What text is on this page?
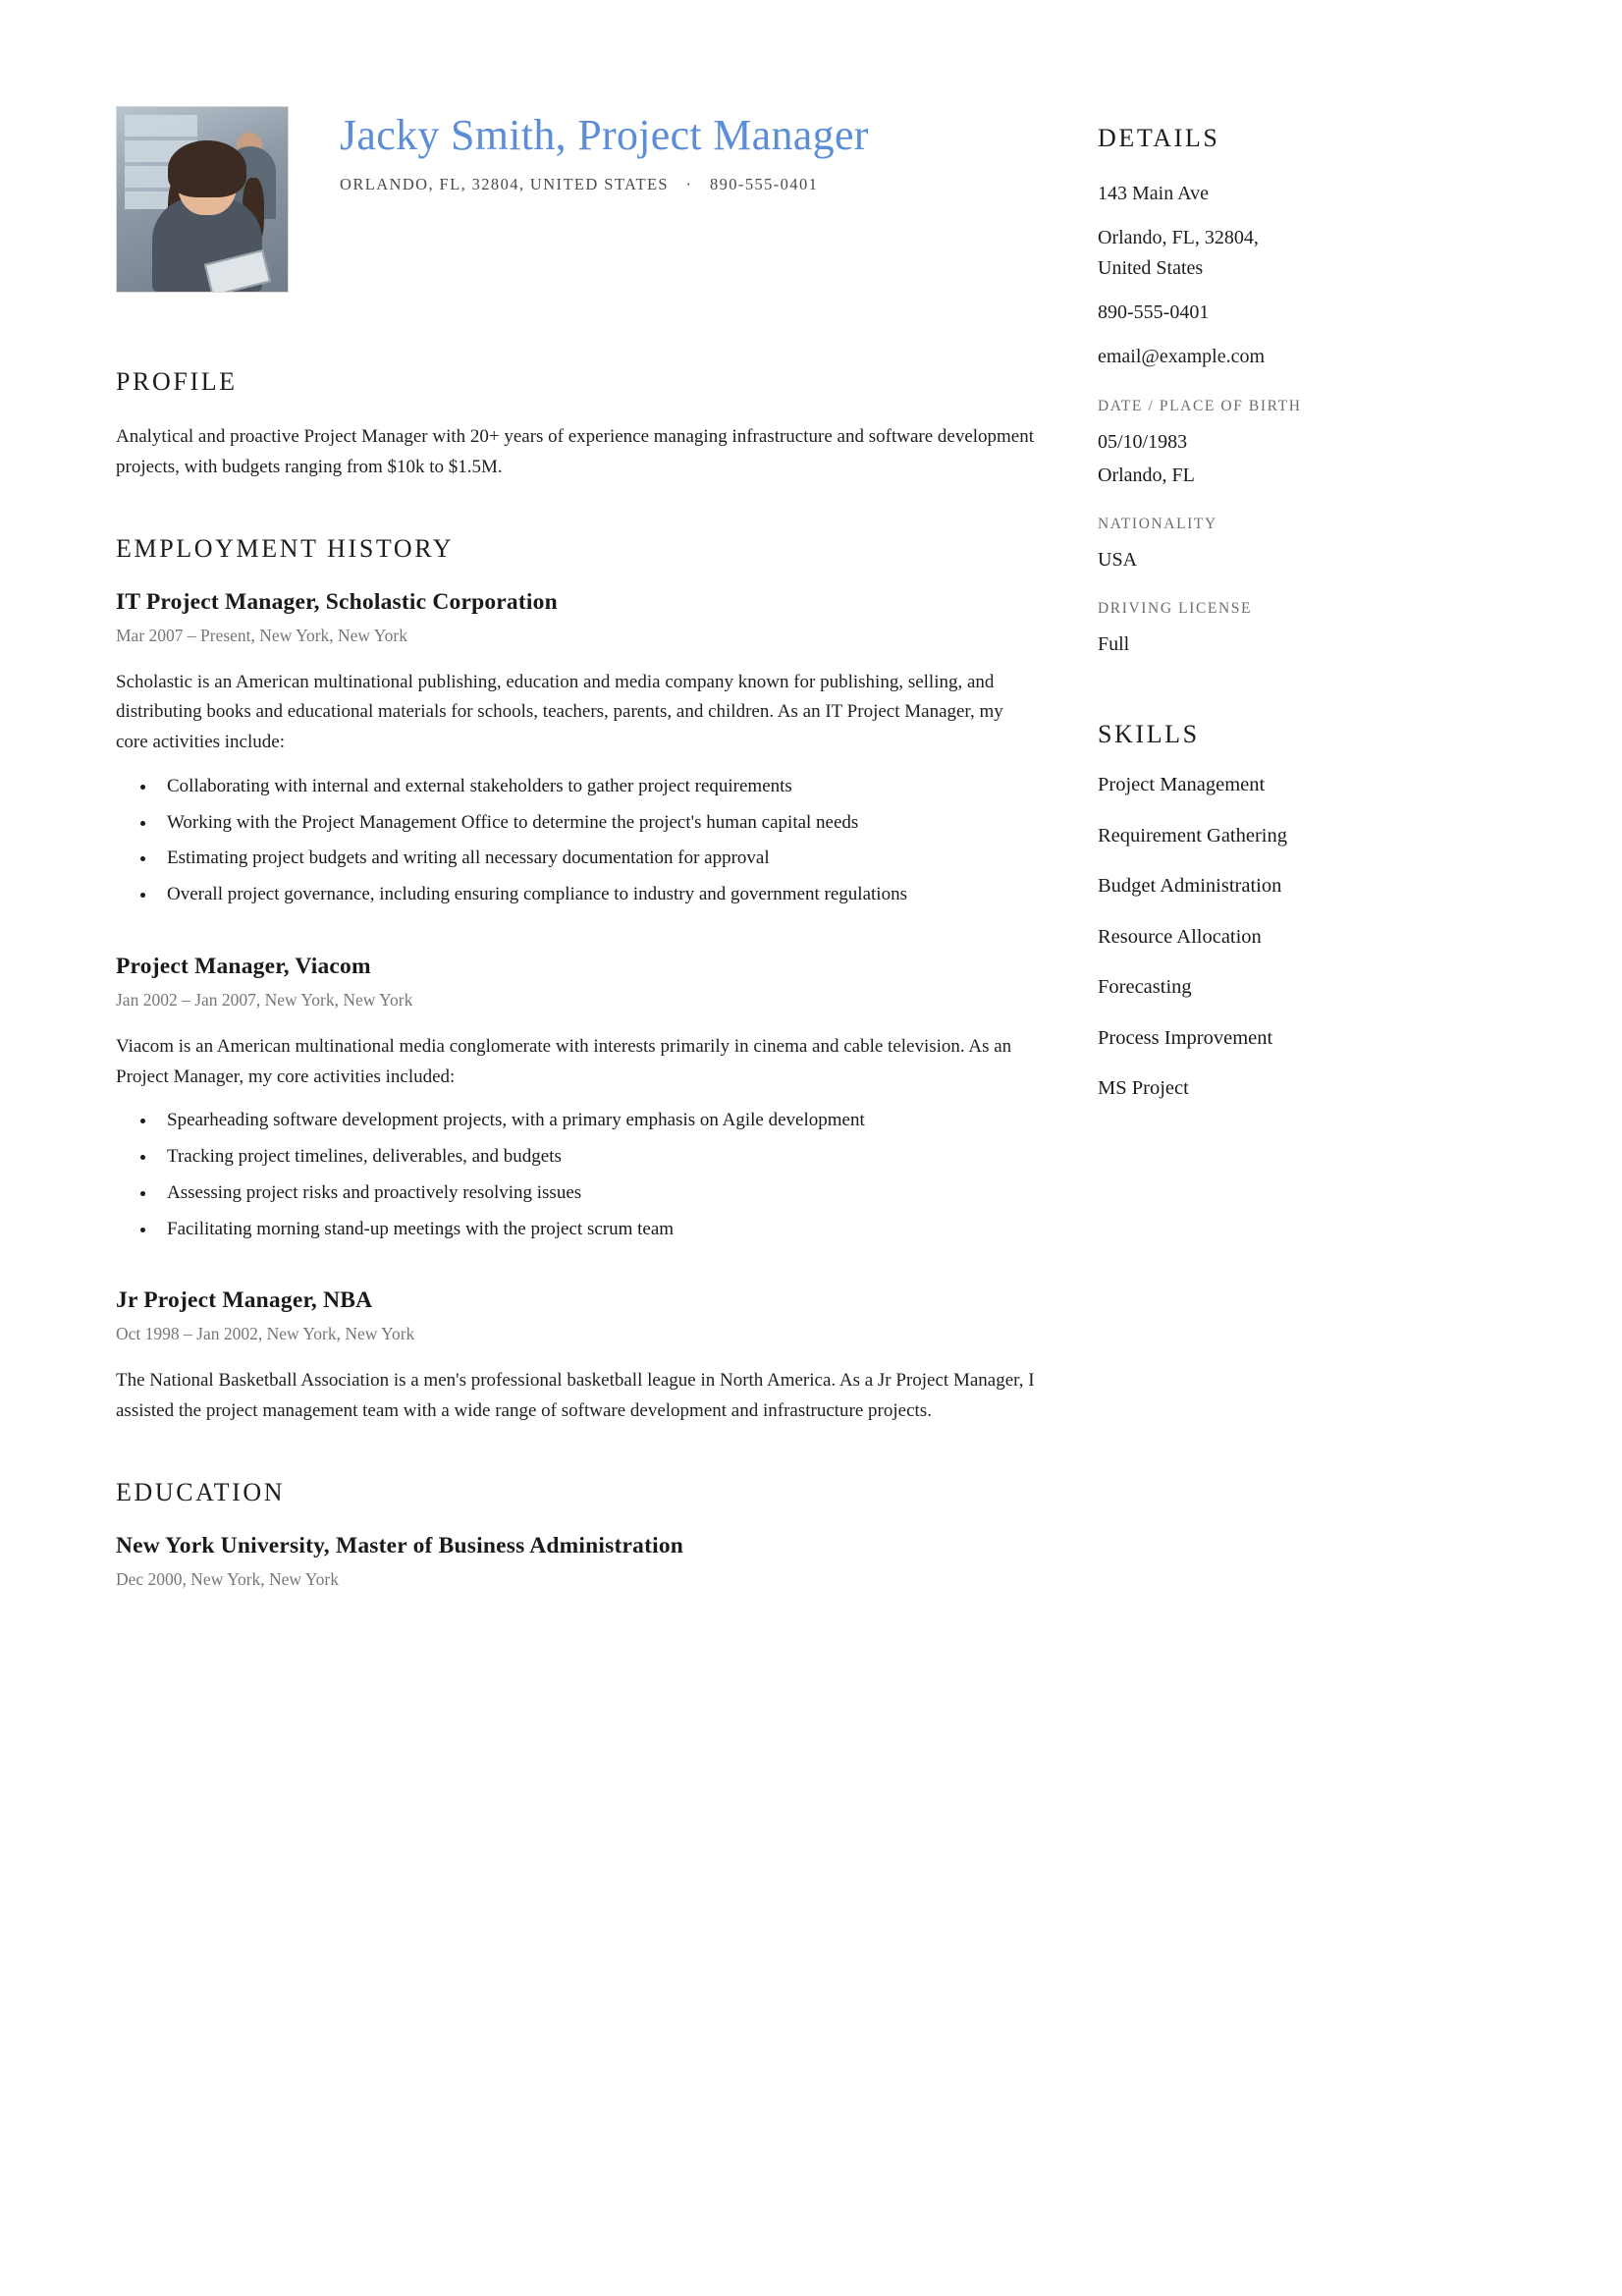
Jacky Smith, Project Manager
ORLANDO, FL, 32804, UNITED STATES · 890-555-0401
PROFILE

Analytical and proactive Project Manager with 20+ years of experience managing infrastructure and software development projects, with budgets ranging from $10k to $1.5M.

EMPLOYMENT HISTORY
IT Project Manager, Scholastic Corporation

Mar 2007 – Present, New York, New York

Scholastic is an American multinational publishing, education and media company known for publishing, selling, and distributing books and educational materials for schools, teachers, parents, and children. As an IT Project Manager, my core activities include:

• Collaborating with internal and external stakeholders to gather project requirements
• Working with the Project Management Office to determine the project's human capital needs
• Estimating project budgets and writing all necessary documentation for approval
• Overall project governance, including ensuring compliance to industry and government regulations
Project Manager, Viacom

Jan 2002 – Jan 2007, New York, New York

Viacom is an American multinational media conglomerate with interests primarily in cinema and cable television. As an Project Manager, my core activities included:

• Spearheading software development projects, with a primary emphasis on Agile development
• Tracking project timelines, deliverables, and budgets
• Assessing project risks and proactively resolving issues
• Facilitating morning stand-up meetings with the project scrum team
Jr Project Manager, NBA

Oct 1998 – Jan 2002, New York, New York

The National Basketball Association is a men's professional basketball league in North America. As a Jr Project Manager, I assisted the project management team with a wide range of software development and infrastructure projects.

EDUCATION
New York University, Master of Business Administration

Dec 2000, New York, New York

DETAILS
143 Main Ave
Orlando, FL, 32804,
United States
890-555-0401
email@example.com
DATE / PLACE OF BIRTH
05/10/1983
Orlando, FL
NATIONALITY
USA
DRIVING LICENSE
Full
SKILLS
Project Management
Requirement Gathering
Budget Administration
Resource Allocation
Forecasting
Process Improvement
MS Project
